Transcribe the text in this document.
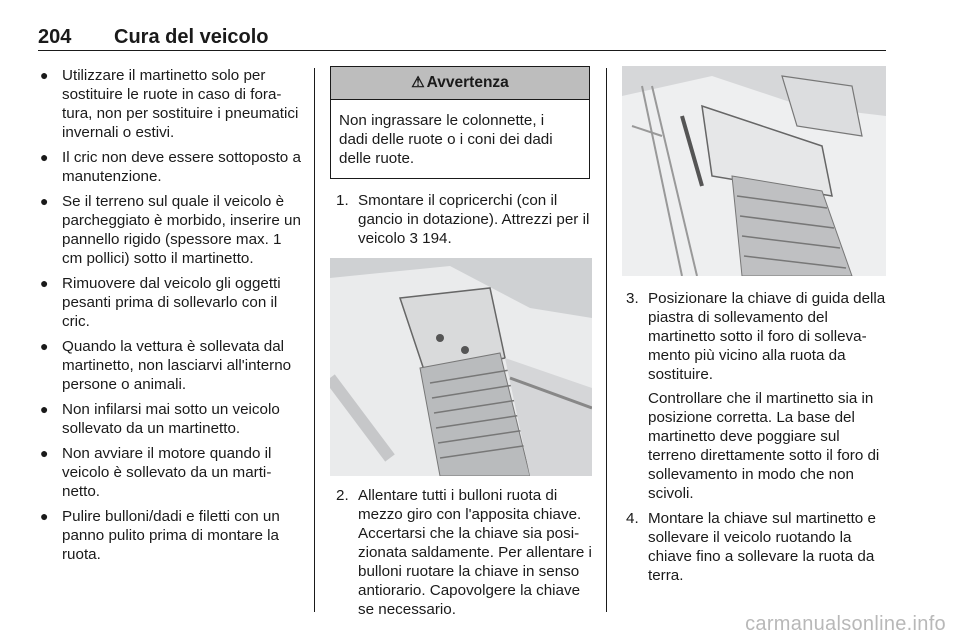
204 Cura del veicolo
● Utilizzare il martinetto solo per sostituire le ruote in caso di foratura, non per sostituire i pneumatici invernali o estivi.
● Il cric non deve essere sottoposto a manutenzione.
● Se il terreno sul quale il veicolo è parcheggiato è morbido, inserire un pannello rigido (spessore max. 1 cm pollici) sotto il martinetto.
● Rimuovere dal veicolo gli oggetti pesanti prima di sollevarlo con il cric.
● Quando la vettura è sollevata dal martinetto, non lasciarvi all'interno persone o animali.
● Non infilarsi mai sotto un veicolo sollevato da un martinetto.
● Non avviare il motore quando il veicolo è sollevato da un martinetto.
● Pulire bulloni/dadi e filetti con un panno pulito prima di montare la ruota.
⚠ Avvertenza
Non ingrassare le colonnette, i dadi delle ruote o i coni dei dadi delle ruote.
1. Smontare il copricerchi (con il gancio in dotazione). Attrezzi per il veicolo 3 194.

2. Allentare tutti i bulloni ruota di mezzo giro con l'apposita chiave. Accertarsi che la chiave sia posizionata saldamente. Per allentare i bulloni ruotare la chiave in senso antiorario. Capovolgere la chiave se necessario.

3. Posizionare la chiave di guida della piastra di sollevamento del martinetto sotto il foro di sollevamento più vicino alla ruota da sostituire.

Controllare che il martinetto sia in posizione corretta. La base del martinetto deve poggiare sul terreno direttamente sotto il foro di sollevamento in modo che non scivoli.

4. Montare la chiave sul martinetto e sollevare il veicolo ruotando la chiave fino a sollevare la ruota da terra.

carmanualsonline.info
